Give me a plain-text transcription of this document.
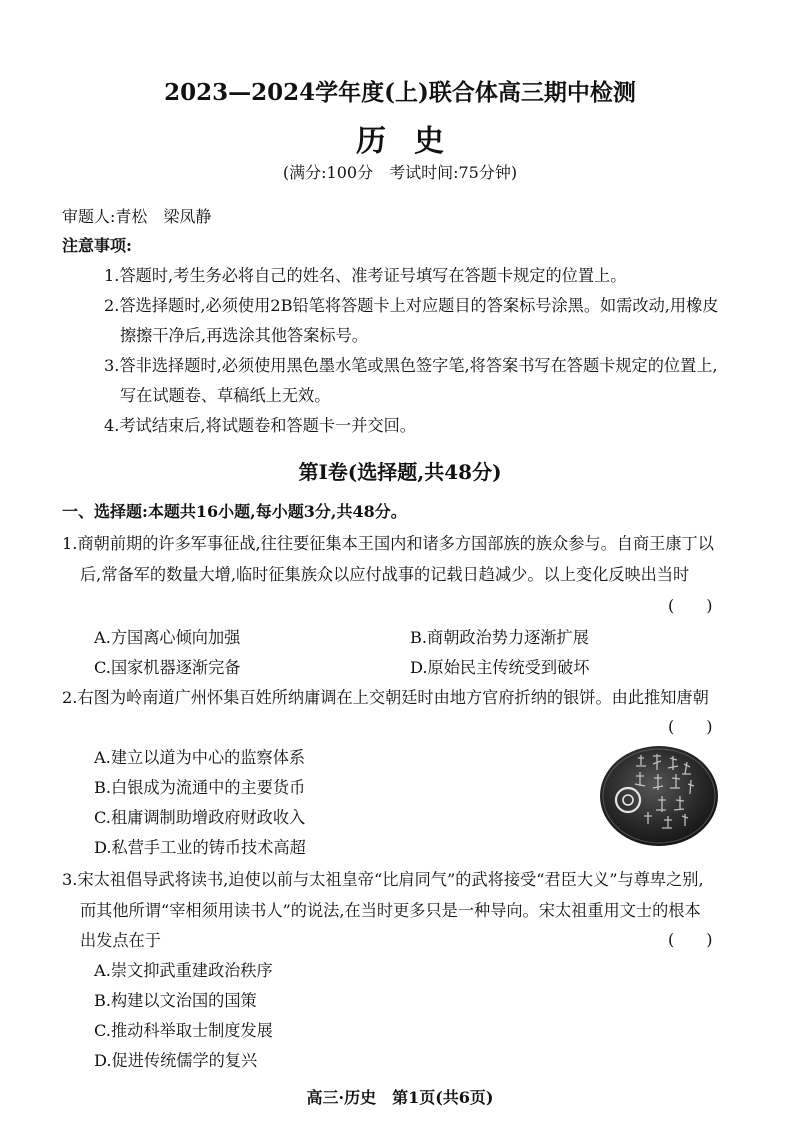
2023—2024学年度(上)联合体高三期中检测
历史
(满分:100分　考试时间:75分钟)
审题人:青松　梁凤静
注意事项:
1.答题时,考生务必将自己的姓名、准考证号填写在答题卡规定的位置上。
2.答选择题时,必须使用2B铅笔将答题卡上对应题目的答案标号涂黑。如需改动,用橡皮
擦擦干净后,再选涂其他答案标号。
3.答非选择题时,必须使用黑色墨水笔或黑色签字笔,将答案书写在答题卡规定的位置上,
写在试题卷、草稿纸上无效。
4.考试结束后,将试题卷和答题卡一并交回。
第Ⅰ卷(选择题,共48分)
一、选择题:本题共16小题,每小题3分,共48分。
1.商朝前期的许多军事征战,往往要征集本王国内和诸多方国部族的族众参与。自商王康丁以
后,常备军的数量大增,临时征集族众以应付战事的记载日趋减少。以上变化反映出当时
(　　)
A.方国离心倾向加强	B.商朝政治势力逐渐扩展
C.国家机器逐渐完备	D.原始民主传统受到破坏
2.右图为岭南道广州怀集百姓所纳庸调在上交朝廷时由地方官府折纳的银饼。由此推知唐朝
(　　)
A.建立以道为中心的监察体系
B.白银成为流通中的主要货币
C.租庸调制助增政府财政收入
D.私营手工业的铸币技术高超
3.宋太祖倡导武将读书,迫使以前与太祖皇帝“比肩同气”的武将接受“君臣大义”与尊卑之别,
而其他所谓“宰相须用读书人”的说法,在当时更多只是一种导向。宋太祖重用文士的根本
出发点在于	(　　)
A.崇文抑武重建政治秩序
B.构建以文治国的国策
C.推动科举取士制度发展
D.促进传统儒学的复兴
高三·历史　第1页(共6页)
